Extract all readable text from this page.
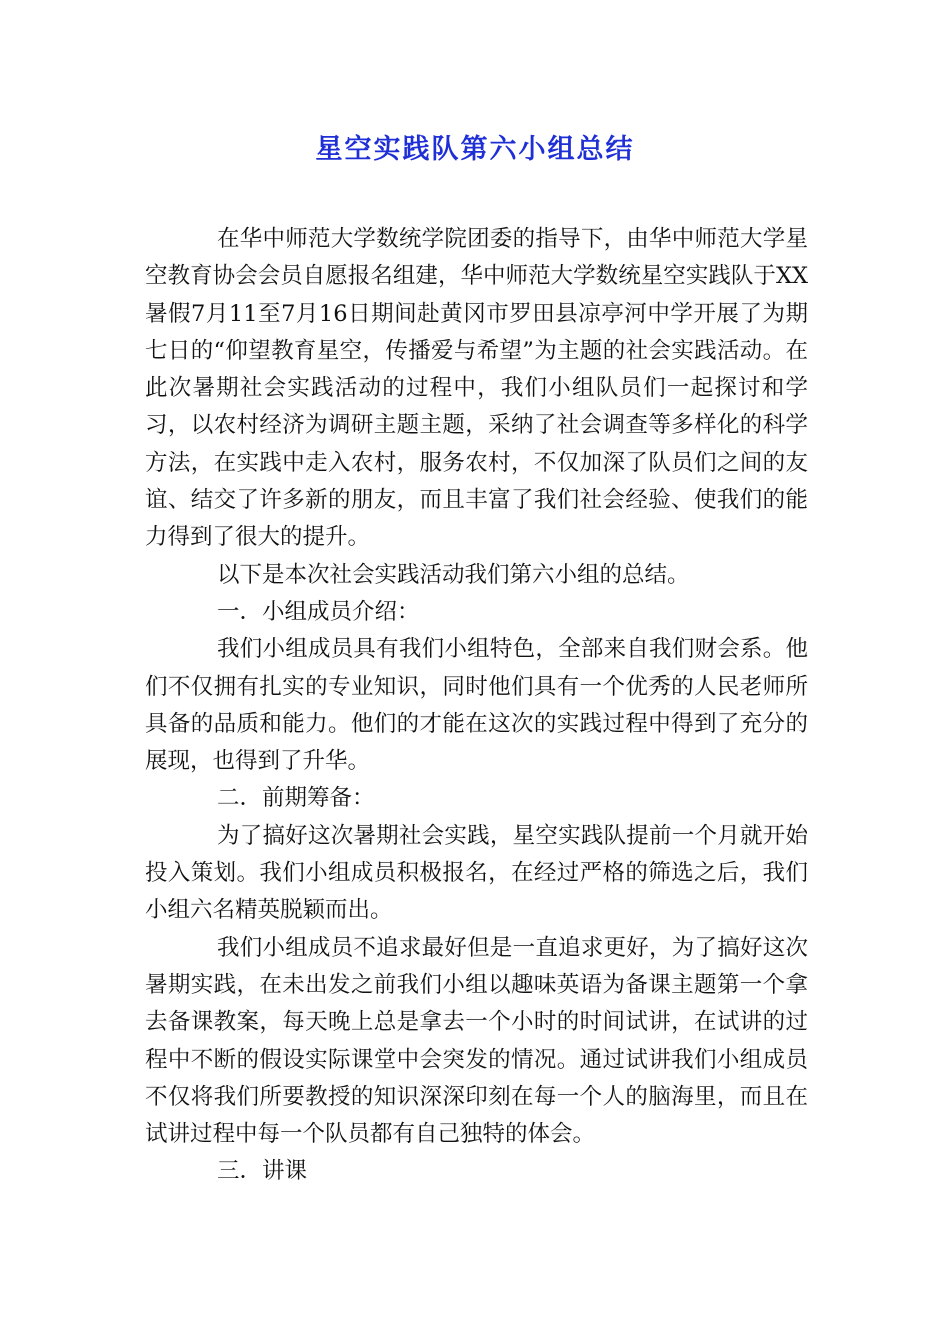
星空实践队第六小组总结

在华中师范大学数统学院团委的指导下，由华中师范大学星空教育协会会员自愿报名组建，华中师范大学数统星空实践队于XX暑假7月11至7月16日期间赴黄冈市罗田县凉亭河中学开展了为期七日的“仰望教育星空，传播爱与希望”为主题的社会实践活动。在此次暑期社会实践活动的过程中，我们小组队员们一起探讨和学习，以农村经济为调研主题主题，采纳了社会调查等多样化的科学方法，在实践中走入农村，服务农村，不仅加深了队员们之间的友谊、结交了许多新的朋友，而且丰富了我们社会经验、使我们的能力得到了很大的提升。

以下是本次社会实践活动我们第六小组的总结。

一．小组成员介绍：

我们小组成员具有我们小组特色，全部来自我们财会系。他们不仅拥有扎实的专业知识，同时他们具有一个优秀的人民老师所具备的品质和能力。他们的才能在这次的实践过程中得到了充分的展现，也得到了升华。

二．前期筹备：

为了搞好这次暑期社会实践，星空实践队提前一个月就开始投入策划。我们小组成员积极报名，在经过严格的筛选之后，我们小组六名精英脱颖而出。

我们小组成员不追求最好但是一直追求更好，为了搞好这次暑期实践，在未出发之前我们小组以趣味英语为备课主题第一个拿去备课教案，每天晚上总是拿去一个小时的时间试讲，在试讲的过程中不断的假设实际课堂中会突发的情况。通过试讲我们小组成员不仅将我们所要教授的知识深深印刻在每一个人的脑海里，而且在试讲过程中每一个队员都有自己独特的体会。

三．讲课
